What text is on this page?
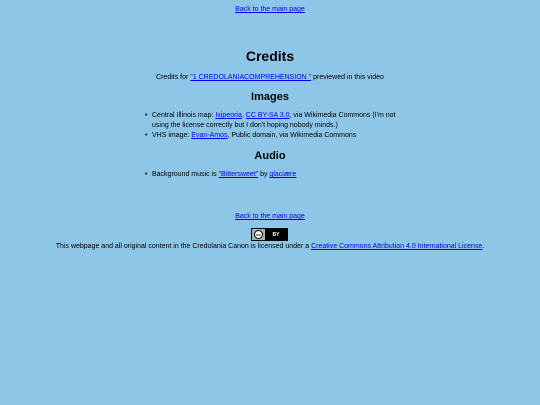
Back to the main page
Credits
Credits for "1 CREDOLANIACOMPREHENSION " previewed in this video
Images
• Central Illinois map: Ixipeoria, CC BY-SA 3.0, via Wikimedia Commons (I'm not using the license correctly but I don't hoping nobody minds.)
• VHS image: Evan-Amos, Public domain, via Wikimedia Commons
Audio
• Background music is "Bittersweet" by glaciære
Back to the main page
cc	BY
This webpage and all original content in the Credolania Canon is licensed under a Creative Commons Attribution 4.0 International License.
